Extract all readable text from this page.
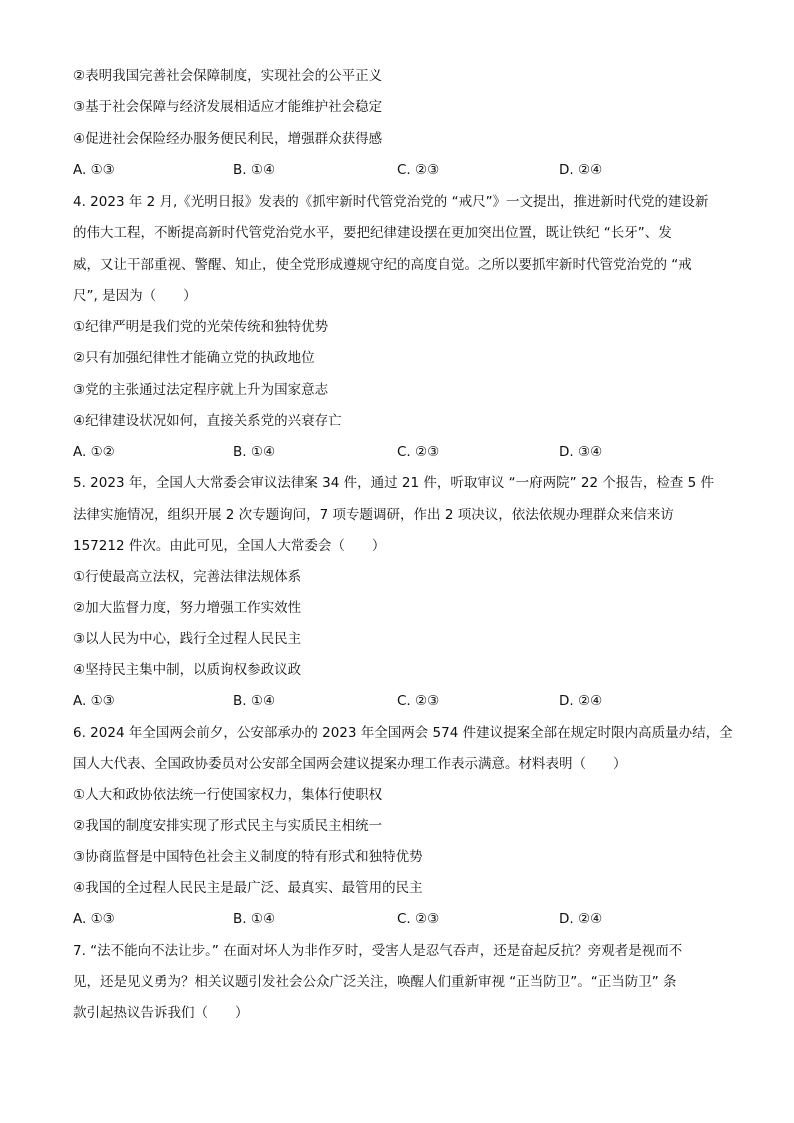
②表明我国完善社会保障制度，实现社会的公平正义
③基于社会保障与经济发展相适应才能维护社会稳定
④促进社会保险经办服务便民利民，增强群众获得感
A. ①③	B. ①④	C. ②③	D. ②④
4. 2023 年 2 月,《光明日报》发表的《抓牢新时代管党治党的 “戒尺”》一文提出，推进新时代党的建设新
的伟大工程，不断提高新时代管党治党水平，要把纪律建设摆在更加突出位置，既让铁纪 “长牙”、发
威，又让干部重视、警醒、知止，使全党形成遵规守纪的高度自觉。之所以要抓牢新时代管党治党的 “戒
尺”, 是因为（　　）
①纪律严明是我们党的光荣传统和独特优势
②只有加强纪律性才能确立党的执政地位
③党的主张通过法定程序就上升为国家意志
④纪律建设状况如何，直接关系党的兴衰存亡
A. ①②	B. ①④	C. ②③	D. ③④
5. 2023 年，全国人大常委会审议法律案 34 件，通过 21 件，听取审议 “一府两院” 22 个报告，检查 5 件
法律实施情况，组织开展 2 次专题询问，7 项专题调研，作出 2 项决议，依法依规办理群众来信来访
157212 件次。由此可见，全国人大常委会（　　）
①行使最高立法权，完善法律法规体系
②加大监督力度，努力增强工作实效性
③以人民为中心，践行全过程人民民主
④坚持民主集中制，以质询权参政议政
A. ①③	B. ①④	C. ②③	D. ②④
6. 2024 年全国两会前夕，公安部承办的 2023 年全国两会 574 件建议提案全部在规定时限内高质量办结，全
国人大代表、全国政协委员对公安部全国两会建议提案办理工作表示满意。材料表明（　　）
①人大和政协依法统一行使国家权力，集体行使职权
②我国的制度安排实现了形式民主与实质民主相统一
③协商监督是中国特色社会主义制度的特有形式和独特优势
④我国的全过程人民民主是最广泛、最真实、最管用的民主
A. ①③	B. ①④	C. ②③	D. ②④
7. “法不能向不法让步。” 在面对坏人为非作歹时，受害人是忍气吞声，还是奋起反抗？旁观者是视而不
见，还是见义勇为？相关议题引发社会公众广泛关注，唤醒人们重新审视 “正当防卫”。“正当防卫” 条
款引起热议告诉我们（　　）
